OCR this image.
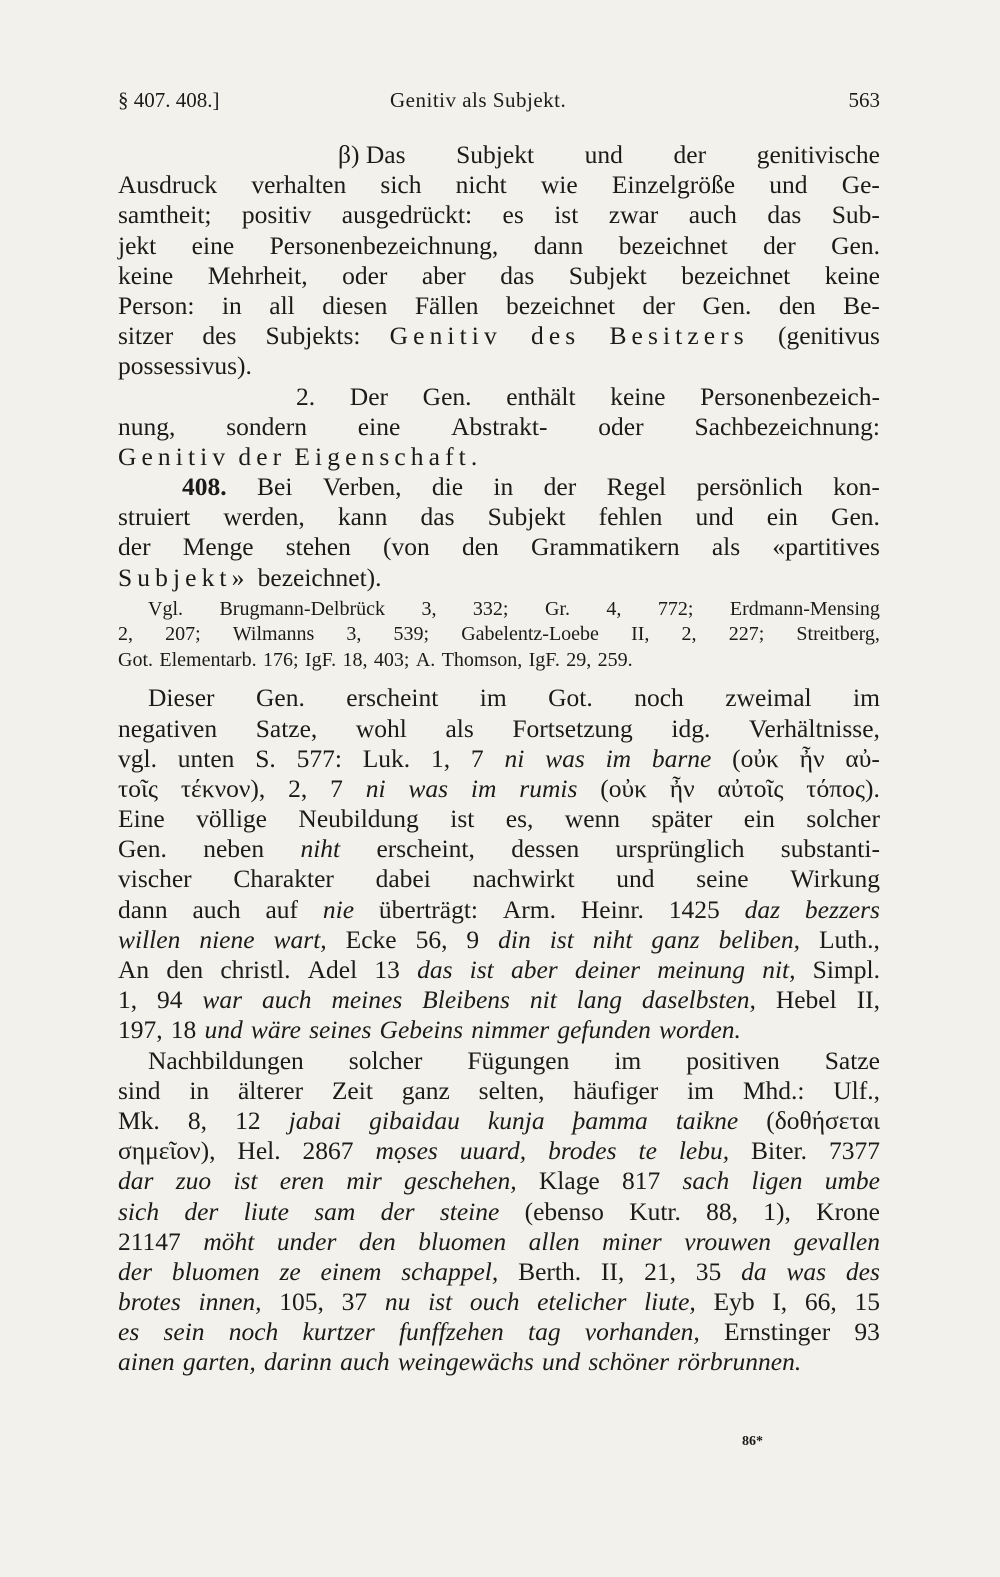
§ 407. 408.]	Genitiv als Subjekt.	563
β) Das Subjekt und der genitivische
Ausdruck verhalten sich nicht wie Einzelgröße und Ge-
samtheit; positiv ausgedrückt: es ist zwar auch das Sub-
jekt eine Personenbezeichnung, dann bezeichnet der Gen.
keine Mehrheit, oder aber das Subjekt bezeichnet keine
Person: in all diesen Fällen bezeichnet der Gen. den Be-
sitzer des Subjekts: Genitiv des Besitzers (genitivus
possessivus).
2. Der Gen. enthält keine Personenbezeich-
nung, sondern eine Abstrakt- oder Sachbezeichnung:
Genitiv der Eigenschaft.
408. Bei Verben, die in der Regel persönlich kon-
struiert werden, kann das Subjekt fehlen und ein Gen.
der Menge stehen (von den Grammatikern als «partitives
Subjekt» bezeichnet).
Vgl. Brugmann-Delbrück 3, 332; Gr. 4, 772; Erdmann-Mensing
2, 207; Wilmanns 3, 539; Gabelentz-Loebe II, 2, 227; Streitberg,
Got. Elementarb. 176; IgF. 18, 403; A. Thomson, IgF. 29, 259.
Dieser Gen. erscheint im Got. noch zweimal im
negativen Satze, wohl als Fortsetzung idg. Verhältnisse,
vgl. unten S. 577: Luk. 1, 7 ni was im barne (οὐκ ἦν αὐ-
τοῖς τέκνον), 2, 7 ni was im rumis (οὐκ ἦν αὐτοῖς τόπος).
Eine völlige Neubildung ist es, wenn später ein solcher
Gen. neben niht erscheint, dessen ursprünglich substanti-
vischer Charakter dabei nachwirkt und seine Wirkung
dann auch auf nie überträgt: Arm. Heinr. 1425 daz bezzers
willen niene wart, Ecke 56, 9 din ist niht ganz beliben, Luth.,
An den christl. Adel 13 das ist aber deiner meinung nit, Simpl.
1, 94 war auch meines Bleibens nit lang daselbsten, Hebel II,
197, 18 und wäre seines Gebeins nimmer gefunden worden.
Nachbildungen solcher Fügungen im positiven Satze
sind in älterer Zeit ganz selten, häufiger im Mhd.: Ulf.,
Mk. 8, 12 jabai gibaidau kunja þamma taikne (δοθήσεται
σημεῖον), Hel. 2867 mọses uuard, brodes te lebu, Biter. 7377
dar zuo ist eren mir geschehen, Klage 817 sach ligen umbe
sich der liute sam der steine (ebenso Kutr. 88, 1), Krone
21147 möht under den bluomen allen miner vrouwen gevallen
der bluomen ze einem schappel, Berth. II, 21, 35 da was des
brotes innen, 105, 37 nu ist ouch etelicher liute, Eyb I, 66, 15
es sein noch kurtzer funffzehen tag vorhanden, Ernstinger 93
ainen garten, darinn auch weingewächs und schöner rörbrunnen.
86*
